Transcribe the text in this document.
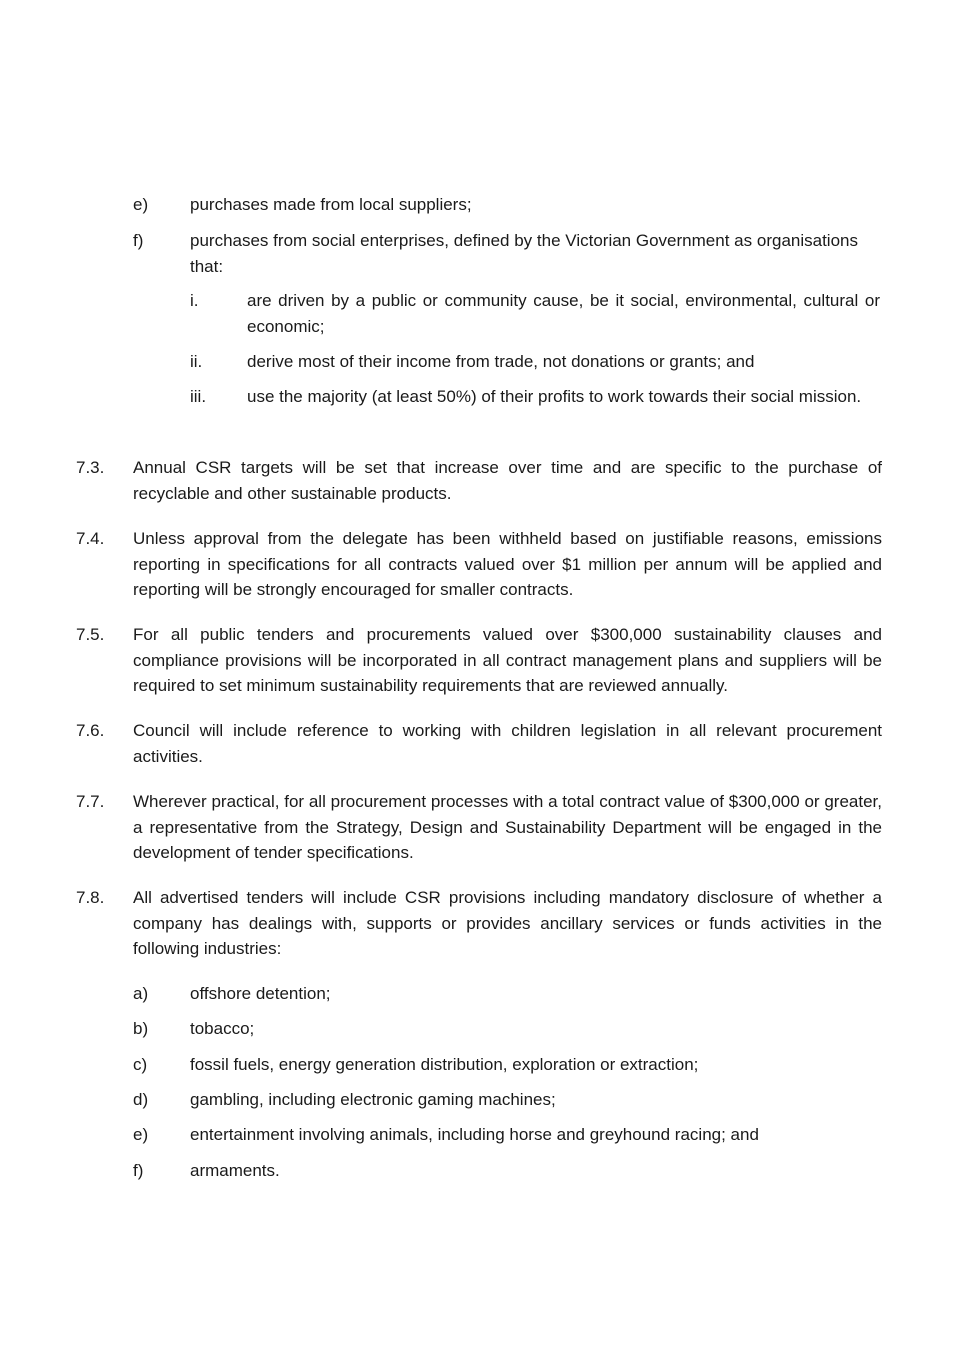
e) purchases made from local suppliers;
f)	purchases from social enterprises, defined by the Victorian Government as organisations that:
i.	are driven by a public or community cause, be it social, environmental, cultural or economic;
ii.	derive most of their income from trade, not donations or grants; and
iii. use the majority (at least 50%) of their profits to work towards their social mission.
7.3. Annual CSR targets will be set that increase over time and are specific to the purchase of recyclable and other sustainable products.
7.4. Unless approval from the delegate has been withheld based on justifiable reasons, emissions reporting in specifications for all contracts valued over $1 million per annum will be applied and reporting will be strongly encouraged for smaller contracts.
7.5. For all public tenders and procurements valued over $300,000 sustainability clauses and compliance provisions will be incorporated in all contract management plans and suppliers will be required to set minimum sustainability requirements that are reviewed annually.
7.6. Council will include reference to working with children legislation in all relevant procurement activities.
7.7. Wherever practical, for all procurement processes with a total contract value of $300,000 or greater, a representative from the Strategy, Design and Sustainability Department will be engaged in the development of tender specifications.
7.8. All advertised tenders will include CSR provisions including mandatory disclosure of whether a company has dealings with, supports or provides ancillary services or funds activities in the following industries:
a) offshore detention;
b) tobacco;
c)	fossil fuels, energy generation distribution, exploration or extraction;
d) gambling, including electronic gaming machines;
e) entertainment involving animals, including horse and greyhound racing; and
f)	armaments.
